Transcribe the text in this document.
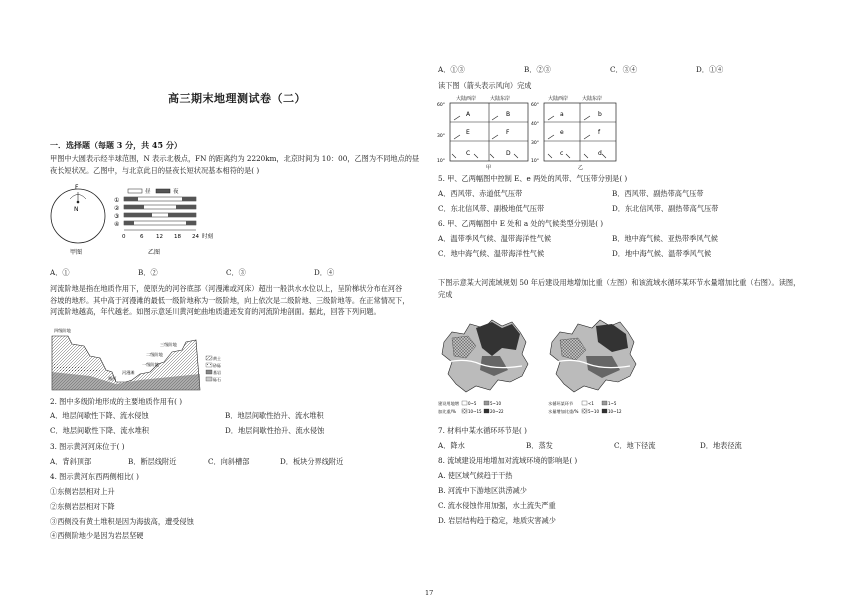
高三期末地理测试卷（二）
一．选择题（每题 3 分，共 45 分）
甲图中大圆表示经半球范围，N 表示北极点，FN 的距离约为 2220km，北京时间为 10：00，乙图为不同地点的昼
夜长短状况。乙图中，与北京此日的昼夜长短状况基本相符的是( )
F
N
昼	夜
①
②
③
④
0	6 12 18 24 时刻
甲图	乙图
A．①	B．②	C．③	D．④
河流阶地是指在地质作用下，使原先的河谷底部（河漫滩或河床）超出一般洪水水位以上，呈阶梯状分布在河谷
谷坡的地形。其中高于河漫滩的最低一级阶地称为一级阶地，向上依次是二级阶地、三级阶地等。在正常情况下，
河流阶地越高，年代越老。如图示意延川黄河蛇曲地质遗迹发育的河流阶地剖面。据此，回答下列问题。
四级阶地
三级阶地
二级阶地
一级阶地
河漫滩
黄河
黄土
砂砾
基岩
砾石
2. 图中多级阶地形成的主要地质作用有( )
A．地层间歇性下降、流水侵蚀	B．地层间歇性抬升、流水堆积
C．地层间歇性下降、流水堆积	D．地层间歇性抬升、流水侵蚀
3. 图示黄河河床位于( )
A．背斜顶部	B．断层线附近	C．向斜槽部	D．板块分界线附近
4. 图示黄河东西两侧相比( )
①东侧岩层相对上升
②东侧岩层相对下降
③西侧没有黄土堆积是因为海拔高，遭受侵蚀
④西侧阶地少是因为岩层坚硬
A．①③	B．②③	C．③④	D．①④
读下图（箭头表示风向）完成
大陆西岸	大陆东岸
60°
30°
10°
A	B
E	F
C	D
甲
大陆西岸	大陆东岸
60°
40°
30°
10°
a	b
e	f
c	d
乙
5. 甲、乙两幅图中控制 E、e 两处的风带、气压带分别是( )
A．西风带、赤道低气压带	B．西风带、副热带高气压带
C．东北信风带、副极地低气压带	D．东北信风带、副热带高气压带
6. 甲、乙两幅图中 E 处和 a 处的气候类型分别是( )
A．温带季风气候、温带海洋性气候	B．地中海气候、亚热带季风气候
C．地中海气候、温带海洋性气候	D．地中海气候、温带季风气候
下图示意某大河流域规划 50 年后建设用地增加比重（左图）和该流域水循环某环节水量增加比重（右图）。读图，
完成
建设用地增
加比重/%
0~5	5~10
10~15 20~22
水循环某环节
水量增加比重/%
<1	1~5
5~10 10~12
7. 材料中某水循环环节是( )
A．降水	B．蒸发	C．地下径流	D．地表径流
8. 流域建设用地增加对流域环境的影响是( )
A. 使区域气候趋于干热
B. 河流中下游地区洪涝减少
C. 流水侵蚀作用加强，水土流失严重
D. 岩层结构趋于稳定，地质灾害减少
17
